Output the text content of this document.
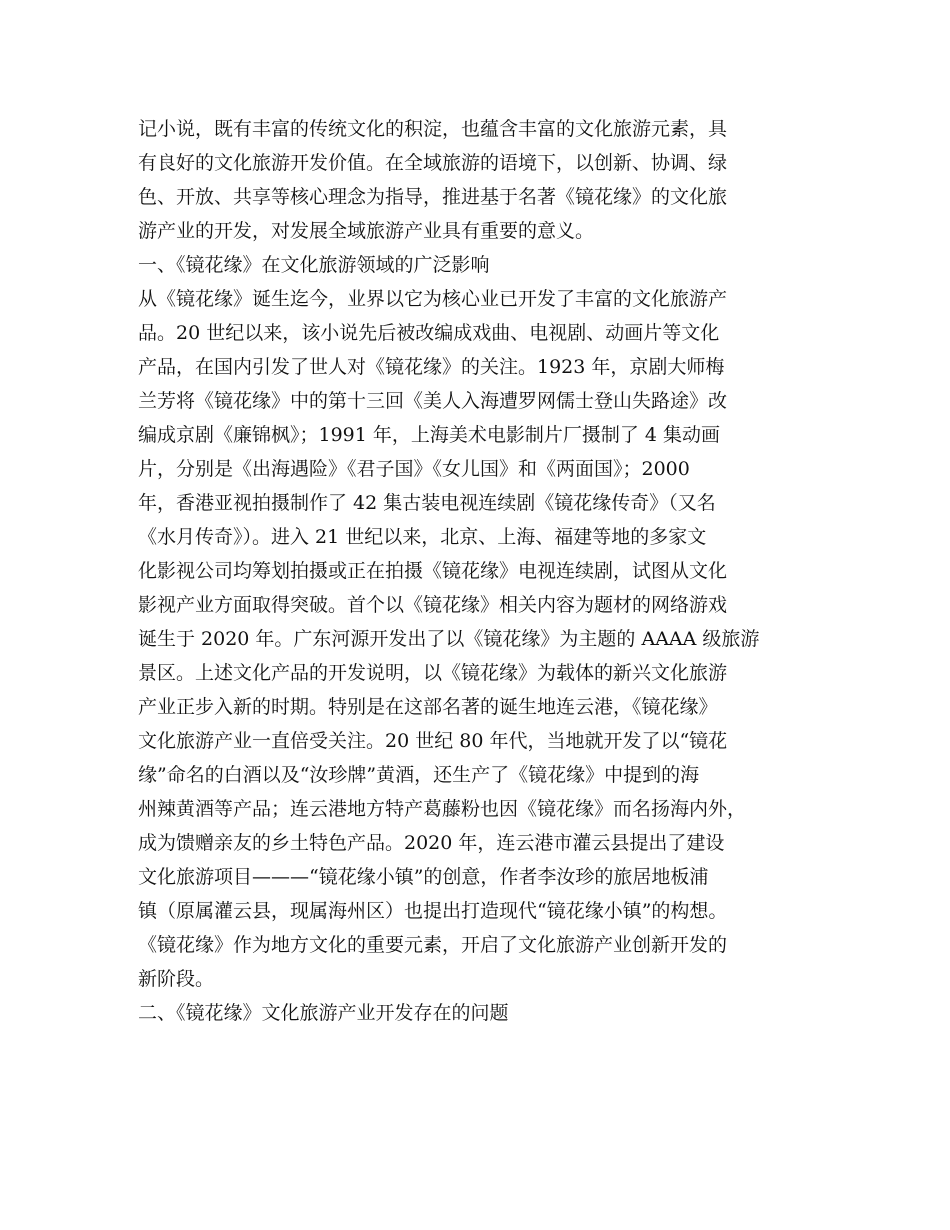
记小说，既有丰富的传统文化的积淀，也蕴含丰富的文化旅游元素，具
有良好的文化旅游开发价值。在全域旅游的语境下，以创新、协调、绿
色、开放、共享等核心理念为指导，推进基于名著《镜花缘》的文化旅
游产业的开发，对发展全域旅游产业具有重要的意义。
一、《镜花缘》在文化旅游领域的广泛影响
从《镜花缘》诞生迄今，业界以它为核心业已开发了丰富的文化旅游产
品。20 世纪以来，该小说先后被改编成戏曲、电视剧、动画片等文化
产品，在国内引发了世人对《镜花缘》的关注。1923 年，京剧大师梅
兰芳将《镜花缘》中的第十三回《美人入海遭罗网儒士登山失路途》改
编成京剧《廉锦枫》；1991 年，上海美术电影制片厂摄制了 4 集动画
片，分别是《出海遇险》《君子国》《女儿国》和《两面国》；2000
年，香港亚视拍摄制作了 42 集古装电视连续剧《镜花缘传奇》（又名
《水月传奇》）。进入 21 世纪以来，北京、上海、福建等地的多家文
化影视公司均筹划拍摄或正在拍摄《镜花缘》电视连续剧，试图从文化
影视产业方面取得突破。首个以《镜花缘》相关内容为题材的网络游戏
诞生于 2020 年。广东河源开发出了以《镜花缘》为主题的 AAAA 级旅游
景区。上述文化产品的开发说明，以《镜花缘》为载体的新兴文化旅游
产业正步入新的时期。特别是在这部名著的诞生地连云港，《镜花缘》
文化旅游产业一直倍受关注。20 世纪 80 年代，当地就开发了以“镜花
缘”命名的白酒以及“汝珍牌”黄酒，还生产了《镜花缘》中提到的海
州辣黄酒等产品；连云港地方特产葛藤粉也因《镜花缘》而名扬海内外，
成为馈赠亲友的乡土特色产品。2020 年，连云港市灌云县提出了建设
文化旅游项目———“镜花缘小镇”的创意，作者李汝珍的旅居地板浦
镇（原属灌云县，现属海州区）也提出打造现代“镜花缘小镇”的构想。
《镜花缘》作为地方文化的重要元素，开启了文化旅游产业创新开发的
新阶段。
二、《镜花缘》文化旅游产业开发存在的问题
